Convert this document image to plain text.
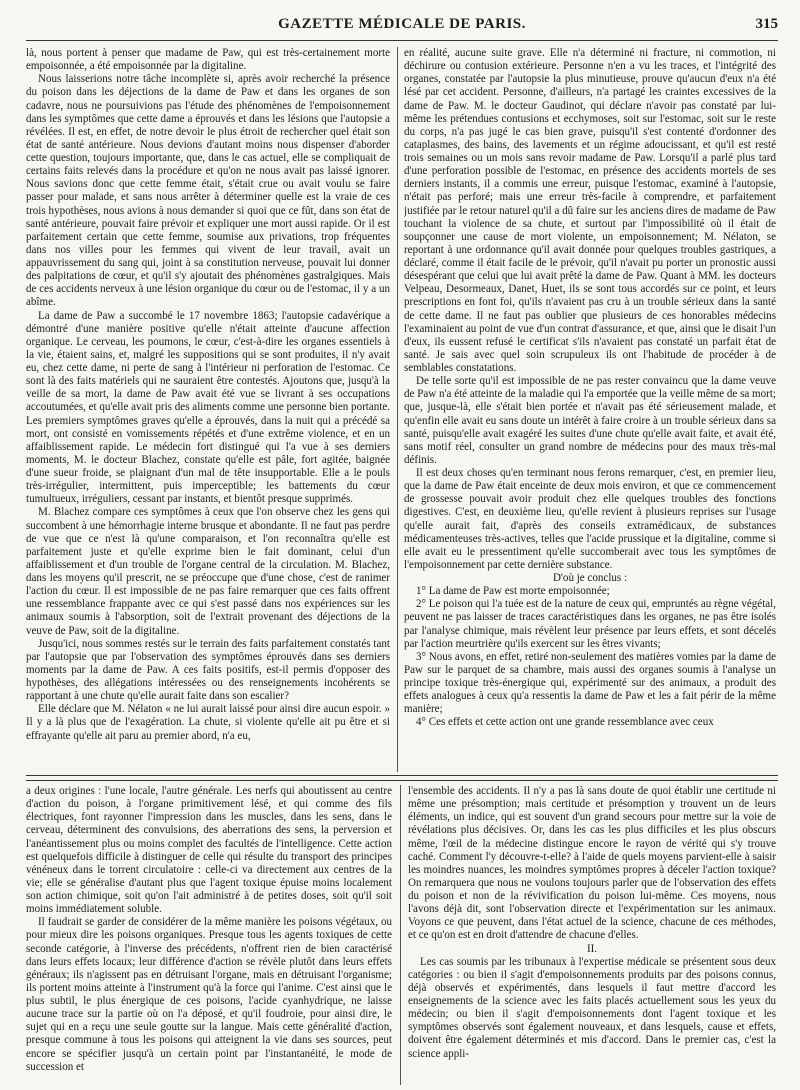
GAZETTE MÉDICALE DE PARIS.	315

là, nous portent à penser que madame de Paw, qui est très-certainement morte empoisonnée, a été empoisonnée par la digitaline.

Nous laisserions notre tâche incomplète si, après avoir recherché la présence du poison dans les déjections de la dame de Paw et dans les organes de son cadavre, nous ne poursuivions pas l'étude des phénomènes de l'empoisonnement dans les symptômes que cette dame a éprouvés et dans les lésions que l'autopsie a révélées. Il est, en effet, de notre devoir le plus étroit de rechercher quel était son état de santé antérieure. Nous devions d'autant moins nous dispenser d'aborder cette question, toujours importante, que, dans le cas actuel, elle se compliquait de certains faits relevés dans la procédure et qu'on ne nous avait pas laissé ignorer. Nous savions donc que cette femme était, s'était crue ou avait voulu se faire passer pour malade, et sans nous arrêter à déterminer quelle est la vraie de ces trois hypothèses, nous avions à nous demander si quoi que ce fût, dans son état de santé antérieure, pouvait faire prévoir et expliquer une mort aussi rapide. Or il est parfaitement certain que cette femme, soumise aux privations, trop fréquentes dans nos villes pour les femmes qui vivent de leur travail, avait un appauvrissement du sang qui, joint à sa constitution nerveuse, pouvait lui donner des palpitations de cœur, et qu'il s'y ajoutait des phénomènes gastralgiques. Mais de ces accidents nerveux à une lésion organique du cœur ou de l'estomac, il y a un abîme.

La dame de Paw a succombé le 17 novembre 1863; l'autopsie cadavérique a démontré d'une manière positive qu'elle n'était atteinte d'aucune affection organique. Le cerveau, les poumons, le cœur, c'est-à-dire les organes essentiels à la vie, étaient sains, et, malgré les suppositions qui se sont produites, il n'y avait eu, chez cette dame, ni perte de sang à l'intérieur ni perforation de l'estomac. Ce sont là des faits matériels qui ne sauraient être contestés. Ajoutons que, jusqu'à la veille de sa mort, la dame de Paw avait été vue se livrant à ses occupations accoutumées, et qu'elle avait pris des aliments comme une personne bien portante. Les premiers symptômes graves qu'elle a éprouvés, dans la nuit qui a précédé sa mort, ont consisté en vomissements répétés et d'une extrême violence, et en un affaiblissement rapide. Le médecin fort distingué qui l'a vue à ses derniers moments, M. le docteur Blachez, constate qu'elle est pâle, fort agitée, baignée d'une sueur froide, se plaignant d'un mal de tête insupportable. Elle a le pouls très-irrégulier, intermittent, puis imperceptible; les battements du cœur tumultueux, irréguliers, cessant par instants, et bientôt presque supprimés.

M. Blachez compare ces symptômes à ceux que l'on observe chez les gens qui succombent à une hémorrhagie interne brusque et abondante. Il ne faut pas perdre de vue que ce n'est là qu'une comparaison, et l'on reconnaîtra qu'elle est parfaitement juste et qu'elle exprime bien le fait dominant, celui d'un affaiblissement et d'un trouble de l'organe central de la circulation. M. Blachez, dans les moyens qu'il prescrit, ne se préoccupe que d'une chose, c'est de ranimer l'action du cœur. Il est impossible de ne pas faire remarquer que ces faits offrent une ressemblance frappante avec ce qui s'est passé dans nos expériences sur les animaux soumis à l'absorption, soit de l'extrait provenant des déjections de la veuve de Paw, soit de la digitaline.

Jusqu'ici, nous sommes restés sur le terrain des faits parfaitement constatés tant par l'autopsie que par l'observation des symptômes éprouvés dans ses derniers moments par la dame de Paw. A ces faits positifs, est-il permis d'opposer des hypothèses, des allégations intéressées ou des renseignements incohérents se rapportant à une chute qu'elle aurait faite dans son escalier?

Elle déclare que M. Nélaton « ne lui aurait laissé pour ainsi dire aucun espoir. » Il y a là plus que de l'exagération. La chute, si violente qu'elle ait pu être et si effrayante qu'elle ait paru au premier abord, n'a eu,

en réalité, aucune suite grave. Elle n'a déterminé ni fracture, ni commotion, ni déchirure ou contusion extérieure. Personne n'en a vu les traces, et l'intégrité des organes, constatée par l'autopsie la plus minutieuse, prouve qu'aucun d'eux n'a été lésé par cet accident. Personne, d'ailleurs, n'a partagé les craintes excessives de la dame de Paw. M. le docteur Gaudinot, qui déclare n'avoir pas constaté par lui-même les prétendues contusions et ecchymoses, soit sur l'estomac, soit sur le reste du corps, n'a pas jugé le cas bien grave, puisqu'il s'est contenté d'ordonner des cataplasmes, des bains, des lavements et un régime adoucissant, et qu'il est resté trois semaines ou un mois sans revoir madame de Paw. Lorsqu'il a parlé plus tard d'une perforation possible de l'estomac, en présence des accidents mortels de ses derniers instants, il a commis une erreur, puisque l'estomac, examiné à l'autopsie, n'était pas perforé; mais une erreur très-facile à comprendre, et parfaitement justifiée par le retour naturel qu'il a dû faire sur les anciens dires de madame de Paw touchant la violence de sa chute, et surtout par l'impossibilité où il était de soupçonner une cause de mort violente, un empoisonnement; M. Nélaton, se reportant à une ordonnance qu'il avait donnée pour quelques troubles gastriques, a déclaré, comme il était facile de le prévoir, qu'il n'avait pu porter un pronostic aussi désespérant que celui que lui avait prêté la dame de Paw. Quant à MM. les docteurs Velpeau, Desormeaux, Danet, Huet, ils se sont tous accordés sur ce point, et leurs prescriptions en font foi, qu'ils n'avaient pas cru à un trouble sérieux dans la santé de cette dame. Il ne faut pas oublier que plusieurs de ces honorables médecins l'examinaient au point de vue d'un contrat d'assurance, et que, ainsi que le disait l'un d'eux, ils eussent refusé le certificat s'ils n'avaient pas constaté un parfait état de santé. Je sais avec quel soin scrupuleux ils ont l'habitude de procéder à de semblables constatations.

De telle sorte qu'il est impossible de ne pas rester convaincu que la dame veuve de Paw n'a été atteinte de la maladie qui l'a emportée que la veille même de sa mort; que, jusque-là, elle s'était bien portée et n'avait pas été sérieusement malade, et qu'enfin elle avait eu sans doute un intérêt à faire croire à un trouble sérieux dans sa santé, puisqu'elle avait exagéré les suites d'une chute qu'elle avait faite, et avait été, sans motif réel, consulter un grand nombre de médecins pour des maux très-mal définis.

Il est deux choses qu'en terminant nous ferons remarquer, c'est, en premier lieu, que la dame de Paw était enceinte de deux mois environ, et que ce commencement de grossesse pouvait avoir produit chez elle quelques troubles des fonctions digestives. C'est, en deuxième lieu, qu'elle revient à plusieurs reprises sur l'usage qu'elle aurait fait, d'après des conseils extramédicaux, de substances médicamenteuses très-actives, telles que l'acide prussique et la digitaline, comme si elle avait eu le pressentiment qu'elle succomberait avec tous les symptômes de l'empoisonnement par cette dernière substance.

D'où je conclus :

1° La dame de Paw est morte empoisonnée;

2° Le poison qui l'a tuée est de la nature de ceux qui, empruntés au règne végétal, peuvent ne pas laisser de traces caractéristiques dans les organes, ne pas être isolés par l'analyse chimique, mais révèlent leur présence par leurs effets, et sont décelés par l'action meurtrière qu'ils exercent sur les êtres vivants;

3° Nous avons, en effet, retiré non-seulement des matières vomies par la dame de Paw sur le parquet de sa chambre, mais aussi des organes soumis à l'analyse un principe toxique très-énergique qui, expérimenté sur des animaux, a produit des effets analogues à ceux qu'a ressentis la dame de Paw et les a fait périr de la même manière;

4° Ces effets et cette action ont une grande ressemblance avec ceux

a deux origines : l'une locale, l'autre générale. Les nerfs qui aboutissent au centre d'action du poison, à l'organe primitivement lésé, et qui comme des fils électriques, font rayonner l'impression dans les muscles, dans les sens, dans le cerveau, déterminent des convulsions, des aberrations des sens, la perversion et l'anéantissement plus ou moins complet des facultés de l'intelligence. Cette action est quelquefois difficile à distinguer de celle qui résulte du transport des principes vénéneux dans le torrent circulatoire : celle-ci va directement aux centres de la vie; elle se généralise d'autant plus que l'agent toxique épuise moins localement son action chimique, soit qu'on l'ait administré à de petites doses, soit qu'il soit moins immédiatement soluble.

Il faudrait se garder de considérer de la même manière les poisons végétaux, ou pour mieux dire les poisons organiques. Presque tous les agents toxiques de cette seconde catégorie, à l'inverse des précédents, n'offrent rien de bien caractérisé dans leurs effets locaux; leur différence d'action se révèle plutôt dans leurs effets généraux; ils n'agissent pas en détruisant l'organe, mais en détruisant l'organisme; ils portent moins atteinte à l'instrument qu'à la force qui l'anime. C'est ainsi que le plus subtil, le plus énergique de ces poisons, l'acide cyanhydrique, ne laisse aucune trace sur la partie où on l'a déposé, et qu'il foudroie, pour ainsi dire, le sujet qui en a reçu une seule goutte sur la langue. Mais cette généralité d'action, presque commune à tous les poisons qui atteignent la vie dans ses sources, peut encore se spécifier jusqu'à un certain point par l'instantanéité, le mode de succession et

l'ensemble des accidents. Il n'y a pas là sans doute de quoi établir une certitude ni même une présomption; mais certitude et présomption y trouvent un de leurs éléments, un indice, qui est souvent d'un grand secours pour mettre sur la voie de révélations plus décisives. Or, dans les cas les plus difficiles et les plus obscurs même, l'œil de la médecine distingue encore le rayon de vérité qui s'y trouve caché. Comment l'y découvre-t-elle? à l'aide de quels moyens parvient-elle à saisir les moindres nuances, les moindres symptômes propres à déceler l'action toxique? On remarquera que nous ne voulons toujours parler que de l'observation des effets du poison et non de la révivification du poison lui-même. Ces moyens, nous l'avons déjà dit, sont l'observation directe et l'expérimentation sur les animaux. Voyons ce que peuvent, dans l'état actuel de la science, chacune de ces méthodes, et ce qu'on est en droit d'attendre de chacune d'elles.

II.

Les cas soumis par les tribunaux à l'expertise médicale se présentent sous deux catégories : ou bien il s'agit d'empoisonnements produits par des poisons connus, déjà observés et expérimentés, dans lesquels il faut mettre d'accord les enseignements de la science avec les faits placés actuellement sous les yeux du médecin; ou bien il s'agit d'empoisonnements dont l'agent toxique et les symptômes observés sont également nouveaux, et dans lesquels, cause et effets, doivent être également déterminés et mis d'accord. Dans le premier cas, c'est la science appli-
